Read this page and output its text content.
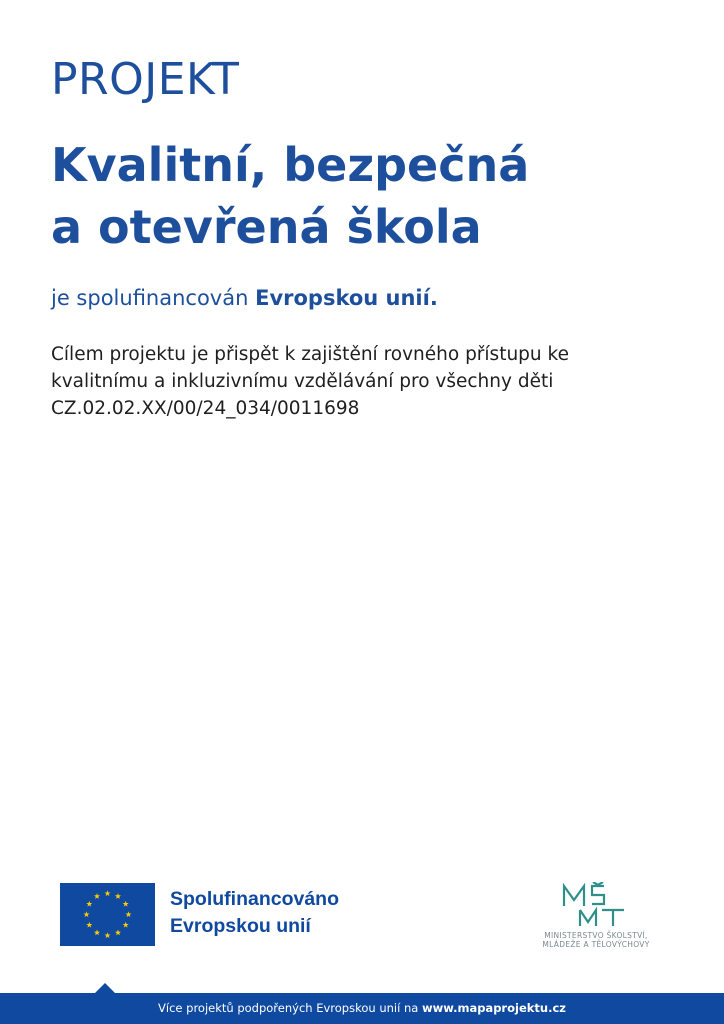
PROJEKT
Kvalitní, bezpečná
a otevřená škola
je spolufinancován Evropskou unií.
Cílem projektu je přispět k zajištění rovného přístupu ke
kvalitnímu a inkluzivnímu vzdělávání pro všechny děti
CZ.02.02.XX/00/24_034/0011698
Spolufinancováno
Evropskou unií	MINISTERSTVO ŠKOLSTVÍ,
MLÁDEŽE A TĚLOVÝCHOVY
Více projektů podpořených Evropskou unií na www.mapaprojektu.cz
